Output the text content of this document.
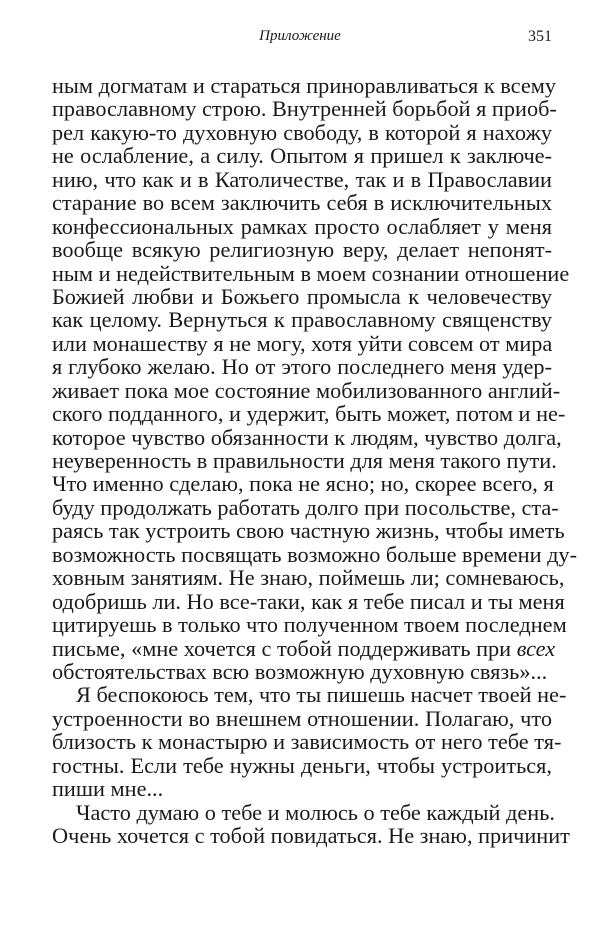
Приложение	351
ным догматам и стараться приноравливаться к всему
православному строю. Внутренней борьбой я приоб-
рел какую-то духовную свободу, в которой я нахожу
не ослабление, а силу. Опытом я пришел к заключе-
нию, что как и в Католичестве, так и в Православии
старание во всем заключить себя в исключительных
конфессиональных рамках просто ослабляет у меня
вообще всякую религиозную веру, делает непонят-
ным и недействительным в моем сознании отношение
Божией любви и Божьего промысла к человечеству
как целому. Вернуться к православному священству
или монашеству я не могу, хотя уйти совсем от мира
я глубоко желаю. Но от этого последнего меня удер-
живает пока мое состояние мобилизованного англий-
ского подданного, и удержит, быть может, потом и не-
которое чувство обязанности к людям, чувство долга,
неуверенность в правильности для меня такого пути.
Что именно сделаю, пока не ясно; но, скорее всего, я
буду продолжать работать долго при посольстве, ста-
раясь так устроить свою частную жизнь, чтобы иметь
возможность посвящать возможно больше времени ду-
ховным занятиям. Не знаю, поймешь ли; сомневаюсь,
одобришь ли. Но все-таки, как я тебе писал и ты меня
цитируешь в только что полученном твоем последнем
письме, «мне хочется с тобой поддерживать при всех
обстоятельствах всю возможную духовную связь»...
Я беспокоюсь тем, что ты пишешь насчет твоей не-
устроенности во внешнем отношении. Полагаю, что
близость к монастырю и зависимость от него тебе тя-
гостны. Если тебе нужны деньги, чтобы устроиться,
пиши мне...
Часто думаю о тебе и молюсь о тебе каждый день.
Очень хочется с тобой повидаться. Не знаю, причинит
